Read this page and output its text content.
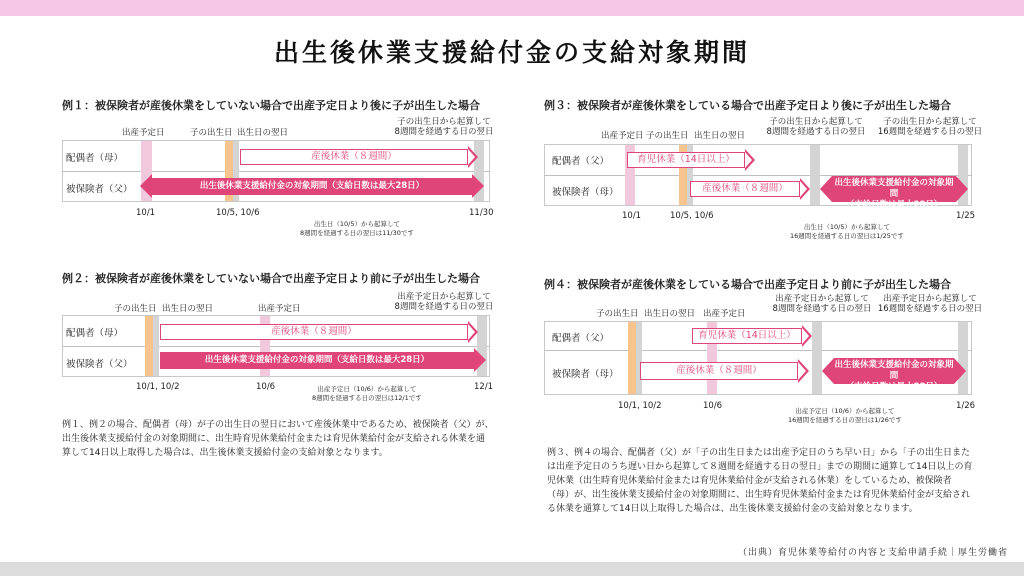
出生後休業支援給付金の支給対象期間
例１：被保険者が産後休業をしていない場合で出産予定日より後に子が出生した場合
出産予定日	子の出生日 出生日の翌日
子の出生日から起算して
8週間を経過する日の翌日
配偶者（母）
被保険者（父）
産後休業（８週間）
出生後休業支援給付金の対象期間（支給日数は最大28日）
10/1	10/5, 10/6	11/30
出生日（10/5）から起算して
8週間を経過する日の翌日は11/30です
例２：被保険者が産後休業をしていない場合で出産予定日より前に子が出生した場合
子の出生日 出生日の翌日	出産予定日
出産予定日から起算して
8週間を経過する日の翌日
配偶者（母）
被保険者（父）
産後休業（８週間）
出生後休業支援給付金の対象期間（支給日数は最大28日）
10/1, 10/2	10/6	12/1
出産予定日（10/6）から起算して
8週間を経過する日の翌日は12/1です
例１、例２の場合、配偶者（母）が子の出生日の翌日において産後休業中であるため、被保険者（父）が、
出生後休業支援給付金の対象期間に、出生時育児休業給付金または育児休業給付金が支給される休業を通
算して14日以上取得した場合は、出生後休業支援給付金の支給対象となります。
例３：被保険者が産後休業をしている場合で出産予定日より後に子が出生した場合
出産予定日 子の出生日 出生日の翌日
子の出生日から起算して
8週間を経過する日の翌日
子の出生日から起算して
16週間を経過する日の翌日
配偶者（父）
被保険者（母）
育児休業（14日以上）
産後休業（８週間）	出生後休業支援給付金の対象期間
（支給日数は最大28日）
10/1	10/5, 10/6	1/25
出生日（10/5）から起算して
16週間を経過する日の翌日は1/25です
例４：被保険者が産後休業をしている場合で出産予定日より前に子が出生した場合
子の出生日 出生日の翌日 出産予定日
出産予定日から起算して
8週間を経過する日の翌日
出産予定日から起算して
16週間を経過する日の翌日
配偶者（父）
被保険者（母）
育児休業（14日以上）
産後休業（８週間）	出生後休業支援給付金の対象期間
（支給日数は最大28日）
10/1, 10/2	10/6	1/26
出産予定日（10/6）から起算して
16週間を経過する日の翌日は1/26です
例３、例４の場合、配偶者（父）が「子の出生日または出産予定日のうち早い日」から「子の出生日また
は出産予定日のうち遅い日から起算して８週間を経過する日の翌日」までの期間に通算して14日以上の育
児休業（出生時育児休業給付金または育児休業給付金が支給される休業）をしているため、被保険者
（母）が、出生後休業支援給付金の対象期間に、出生時育児休業給付金または育児休業給付金が支給され
る休業を通算して14日以上取得した場合は、出生後休業支援給付金の支給対象となります。
（出典）育児休業等給付の内容と支給申請手続｜厚生労働省
